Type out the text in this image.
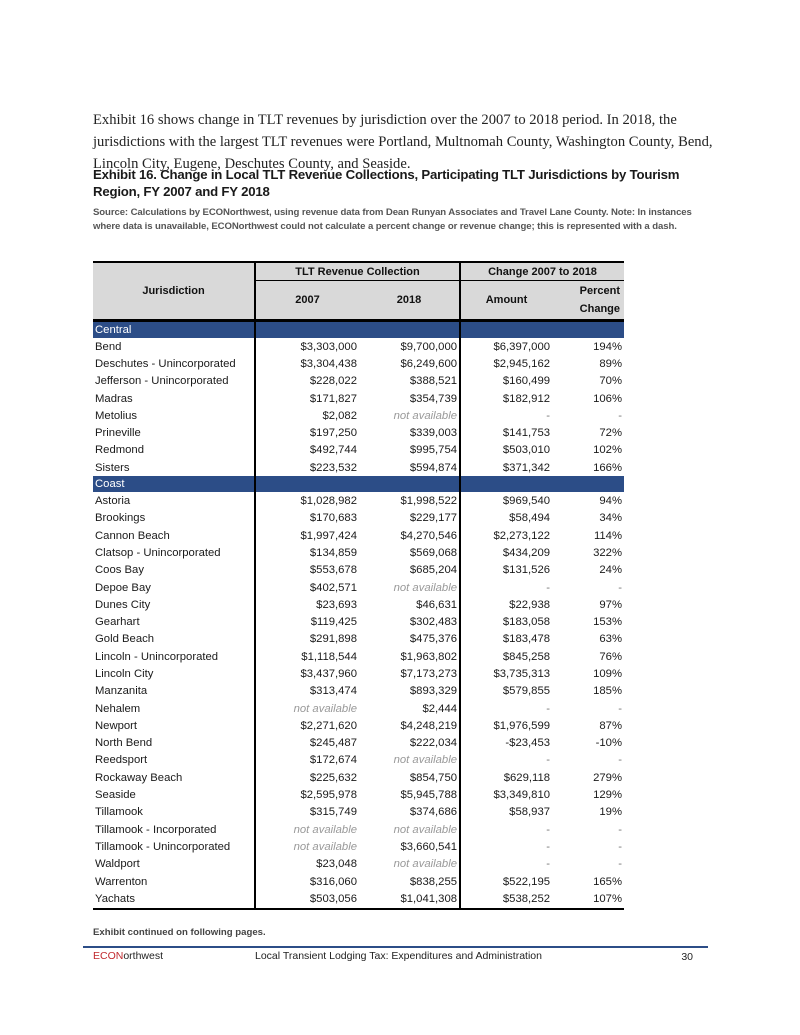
Exhibit 16 shows change in TLT revenues by jurisdiction over the 2007 to 2018 period. In 2018, the jurisdictions with the largest TLT revenues were Portland, Multnomah County, Washington County, Bend, Lincoln City, Eugene, Deschutes County, and Seaside.

Exhibit 16. Change in Local TLT Revenue Collections, Participating TLT Jurisdictions by Tourism Region, FY 2007 and FY 2018
Source: Calculations by ECONorthwest, using revenue data from Dean Runyan Associates and Travel Lane County. Note: In instances where data is unavailable, ECONorthwest could not calculate a percent change or revenue change; this is represented with a dash.
Jurisdiction	TLT Revenue Collection		Change 2007 to 2018	
	2007	2018	Amount	Percent Change
Central				
Bend	$3,303,000	$9,700,000	$6,397,000	194%
Deschutes - Unincorporated	$3,304,438	$6,249,600	$2,945,162	89%
Jefferson - Unincorporated	$228,022	$388,521	$160,499	70%
Madras	$171,827	$354,739	$182,912	106%
Metolius	$2,082	not available	-	-
Prineville	$197,250	$339,003	$141,753	72%
Redmond	$492,744	$995,754	$503,010	102%
Sisters	$223,532	$594,874	$371,342	166%
Coast				
Astoria	$1,028,982	$1,998,522	$969,540	94%
Brookings	$170,683	$229,177	$58,494	34%
Cannon Beach	$1,997,424	$4,270,546	$2,273,122	114%
Clatsop - Unincorporated	$134,859	$569,068	$434,209	322%
Coos Bay	$553,678	$685,204	$131,526	24%
Depoe Bay	$402,571	not available	-	-
Dunes City	$23,693	$46,631	$22,938	97%
Gearhart	$119,425	$302,483	$183,058	153%
Gold Beach	$291,898	$475,376	$183,478	63%
Lincoln - Unincorporated	$1,118,544	$1,963,802	$845,258	76%
Lincoln City	$3,437,960	$7,173,273	$3,735,313	109%
Manzanita	$313,474	$893,329	$579,855	185%
Nehalem	not available	$2,444	-	-
Newport	$2,271,620	$4,248,219	$1,976,599	87%
North Bend	$245,487	$222,034	-$23,453	-10%
Reedsport	$172,674	not available	-	-
Rockaway Beach	$225,632	$854,750	$629,118	279%
Seaside	$2,595,978	$5,945,788	$3,349,810	129%
Tillamook	$315,749	$374,686	$58,937	19%
Tillamook - Incorporated	not available	not available	-	-
Tillamook - Unincorporated	not available	$3,660,541	-	-
Waldport	$23,048	not available	-	-
Warrenton	$316,060	$838,255	$522,195	165%
Yachats	$503,056	$1,041,308	$538,252	107%
Exhibit continued on following pages.
ECONorthwest	Local Transient Lodging Tax: Expenditures and Administration	30
